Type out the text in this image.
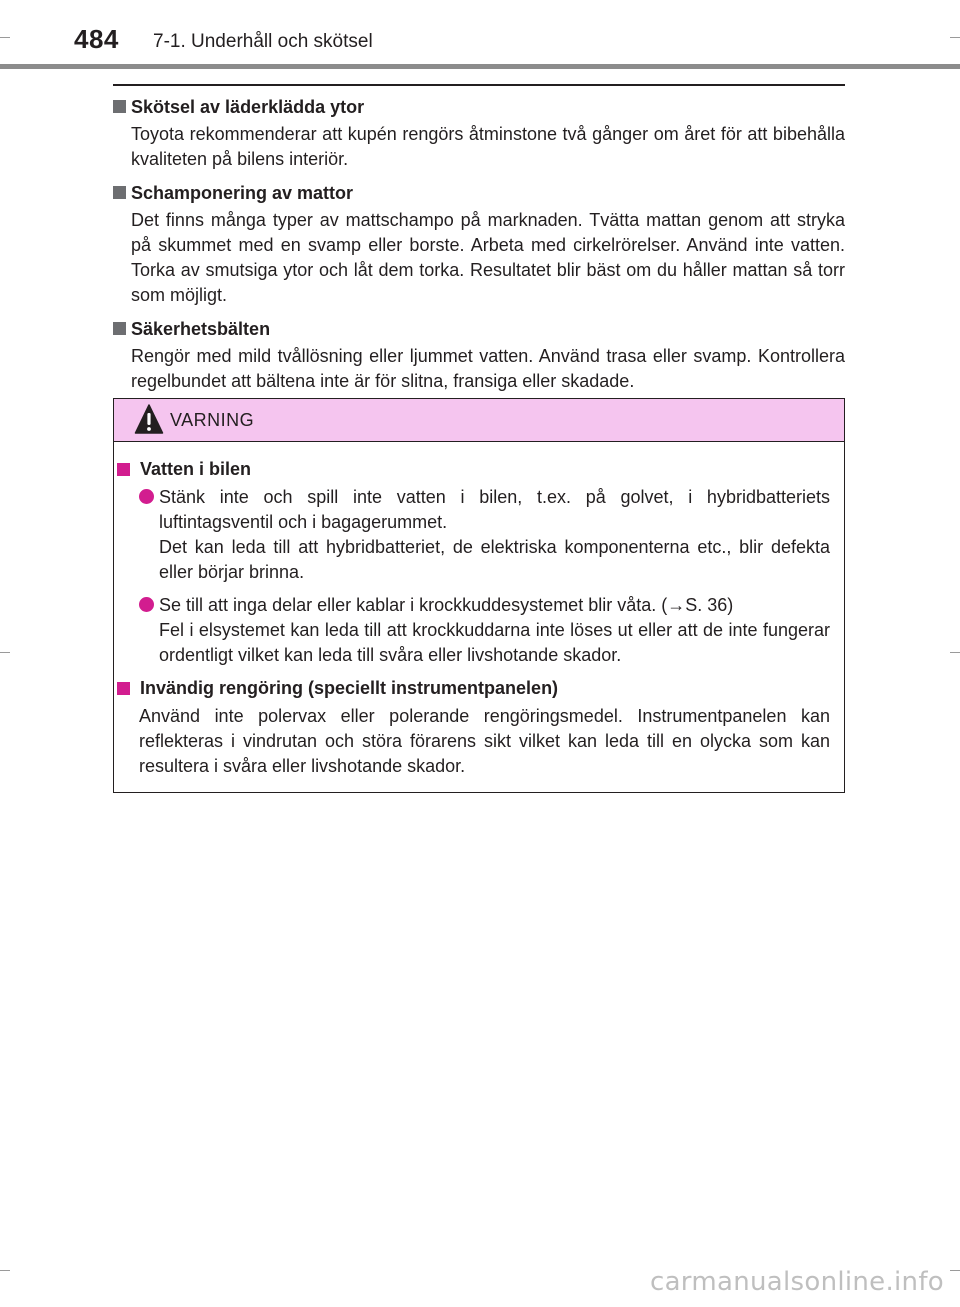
484 7-1. Underhåll och skötsel

Skötsel av läderklädda ytor

Toyota rekommenderar att kupén rengörs åtminstone två gånger om året för att bibehålla kvaliteten på bilens interiör.

Schamponering av mattor

Det finns många typer av mattschampo på marknaden. Tvätta mattan genom att stryka på skummet med en svamp eller borste. Arbeta med cirkelrörelser. Använd inte vatten. Torka av smutsiga ytor och låt dem torka. Resultatet blir bäst om du håller mattan så torr som möjligt.

Säkerhetsbälten

Rengör med mild tvållösning eller ljummet vatten. Använd trasa eller svamp. Kontrollera regelbundet att bältena inte är för slitna, fransiga eller skadade.

VARNING

Vatten i bilen

Stänk inte och spill inte vatten i bilen, t.ex. på golvet, i hybridbatteriets luftintagsventil och i bagagerummet.

Det kan leda till att hybridbatteriet, de elektriska komponenterna etc., blir defekta eller börjar brinna.

Se till att inga delar eller kablar i krockkuddesystemet blir våta. (→S. 36)

Fel i elsystemet kan leda till att krockkuddarna inte löses ut eller att de inte fungerar ordentligt vilket kan leda till svåra eller livshotande skador.

Invändig rengöring (speciellt instrumentpanelen)

Använd inte polervax eller polerande rengöringsmedel. Instrumentpanelen kan reflekteras i vindrutan och störa förarens sikt vilket kan leda till en olycka som kan resultera i svåra eller livshotande skador.

carmanualsonline.info
